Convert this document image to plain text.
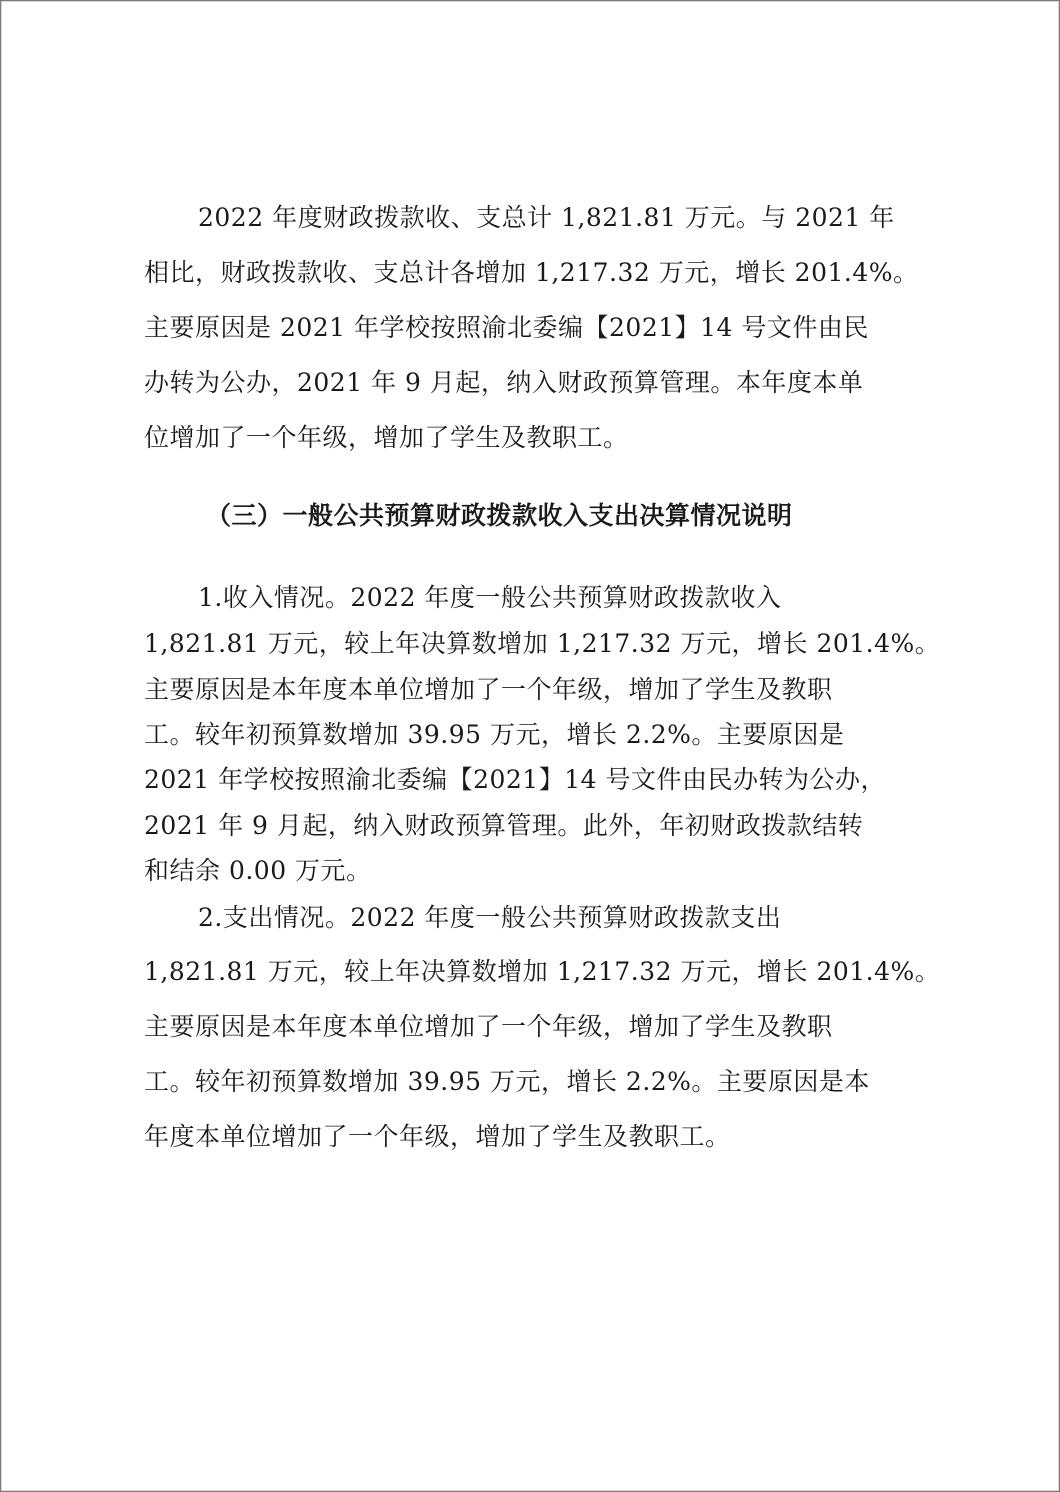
2022 年度财政拨款收、支总计 1,821.81 万元。与 2021 年
相比，财政拨款收、支总计各增加 1,217.32 万元，增长 201.4%。
主要原因是 2021 年学校按照渝北委编【2021】14 号文件由民
办转为公办，2021 年 9 月起，纳入财政预算管理。本年度本单
位增加了一个年级，增加了学生及教职工。
（三）一般公共预算财政拨款收入支出决算情况说明
1.收入情况。2022 年度一般公共预算财政拨款收入
1,821.81 万元，较上年决算数增加 1,217.32 万元，增长 201.4%。
主要原因是本年度本单位增加了一个年级，增加了学生及教职
工。较年初预算数增加 39.95 万元，增长 2.2%。主要原因是
2021 年学校按照渝北委编【2021】14 号文件由民办转为公办，
2021 年 9 月起，纳入财政预算管理。此外，年初财政拨款结转
和结余 0.00 万元。
2.支出情况。2022 年度一般公共预算财政拨款支出
1,821.81 万元，较上年决算数增加 1,217.32 万元，增长 201.4%。
主要原因是本年度本单位增加了一个年级，增加了学生及教职
工。较年初预算数增加 39.95 万元，增长 2.2%。主要原因是本
年度本单位增加了一个年级，增加了学生及教职工。
